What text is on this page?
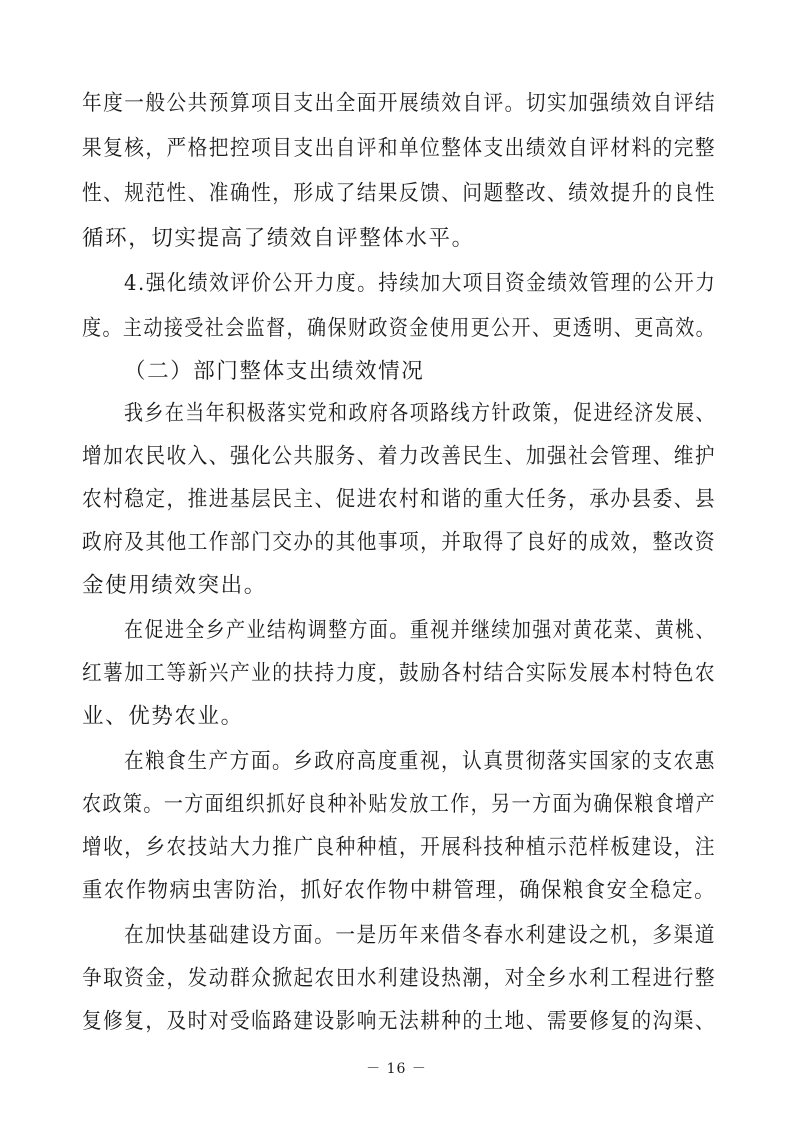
年度一般公共预算项目支出全面开展绩效自评。切实加强绩效自评结
果复核，严格把控项目支出自评和单位整体支出绩效自评材料的完整
性、规范性、准确性，形成了结果反馈、问题整改、绩效提升的良性
循环，切实提高了绩效自评整体水平。
4.强化绩效评价公开力度。持续加大项目资金绩效管理的公开力
度。主动接受社会监督，确保财政资金使用更公开、更透明、更高效。
（二）部门整体支出绩效情况
我乡在当年积极落实党和政府各项路线方针政策，促进经济发展、
增加农民收入、强化公共服务、着力改善民生、加强社会管理、维护
农村稳定，推进基层民主、促进农村和谐的重大任务，承办县委、县
政府及其他工作部门交办的其他事项，并取得了良好的成效，整改资
金使用绩效突出。
在促进全乡产业结构调整方面。重视并继续加强对黄花菜、黄桃、
红薯加工等新兴产业的扶持力度，鼓励各村结合实际发展本村特色农
业、优势农业。
在粮食生产方面。乡政府高度重视，认真贯彻落实国家的支农惠
农政策。一方面组织抓好良种补贴发放工作，另一方面为确保粮食增产
增收，乡农技站大力推广良种种植，开展科技种植示范样板建设，注
重农作物病虫害防治，抓好农作物中耕管理，确保粮食安全稳定。
在加快基础建设方面。一是历年来借冬春水利建设之机，多渠道
争取资金，发动群众掀起农田水利建设热潮，对全乡水利工程进行整
复修复，及时对受临路建设影响无法耕种的土地、需要修复的沟渠、
－ 16 －
